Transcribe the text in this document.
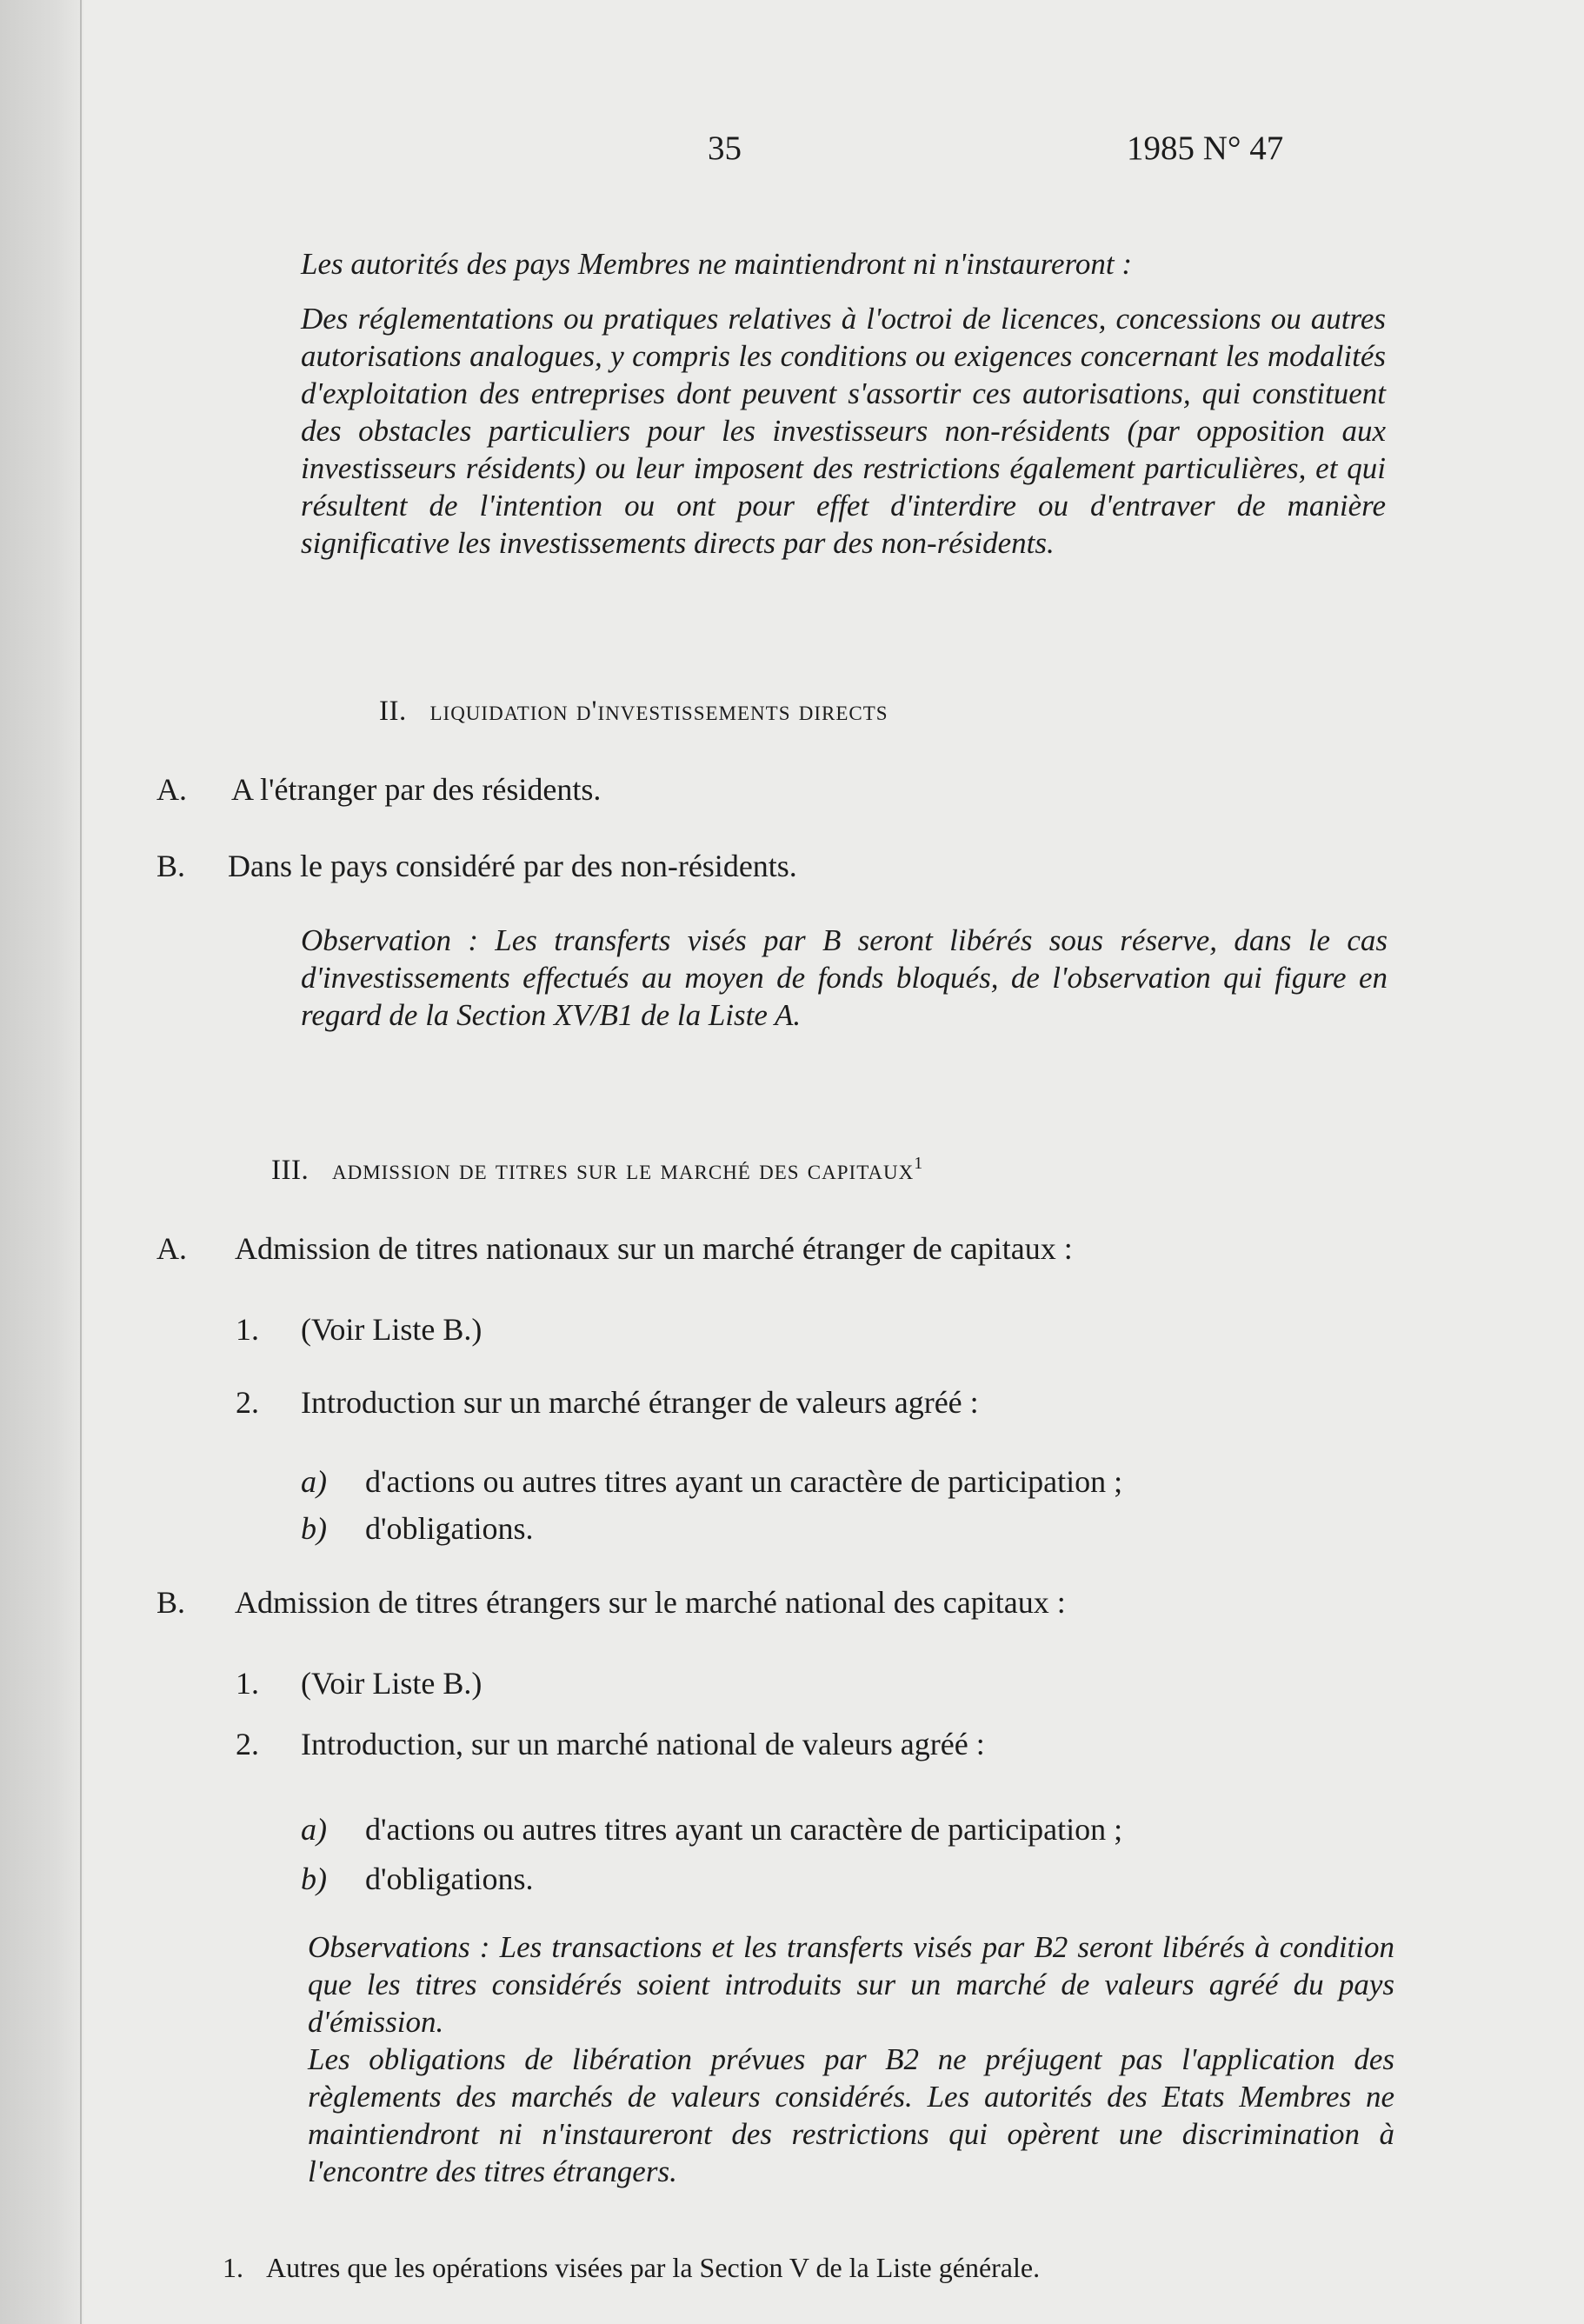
35	1985 N° 47
Les autorités des pays Membres ne maintiendront ni n'instaureront :
Des réglementations ou pratiques relatives à l'octroi de licences, concessions ou autres autorisations analogues, y compris les conditions ou exigences concernant les modalités d'exploitation des entreprises dont peuvent s'assortir ces autorisations, qui constituent des obstacles particuliers pour les investisseurs non-résidents (par opposition aux investisseurs résidents) ou leur imposent des restrictions également particulières, et qui résultent de l'intention ou ont pour effet d'interdire ou d'entraver de manière significative les investissements directs par des non-résidents.
II. liquidation d'investissements directs
A. A l'étranger par des résidents.
B. Dans le pays considéré par des non-résidents.
Observation : Les transferts visés par B seront libérés sous réserve, dans le cas d'investissements effectués au moyen de fonds bloqués, de l'observation qui figure en regard de la Section XV/B1 de la Liste A.
III. admission de titres sur le marché des capitaux$^1$
A. Admission de titres nationaux sur un marché étranger de capitaux :
1. (Voir Liste B.)
2. Introduction sur un marché étranger de valeurs agréé :
a) d'actions ou autres titres ayant un caractère de participation ;
b) d'obligations.
B. Admission de titres étrangers sur le marché national des capitaux :
1. (Voir Liste B.)
2. Introduction, sur un marché national de valeurs agréé :
a) d'actions ou autres titres ayant un caractère de participation ;
b) d'obligations.
Observations : Les transactions et les transferts visés par B2 seront libérés à condition que les titres considérés soient introduits sur un marché de valeurs agréé du pays d'émission.
Les obligations de libération prévues par B2 ne préjugent pas l'application des règlements des marchés de valeurs considérés. Les autorités des Etats Membres ne maintiendront ni n'instaureront des restrictions qui opèrent une discrimination à l'encontre des titres étrangers.
1. Autres que les opérations visées par la Section V de la Liste générale.
